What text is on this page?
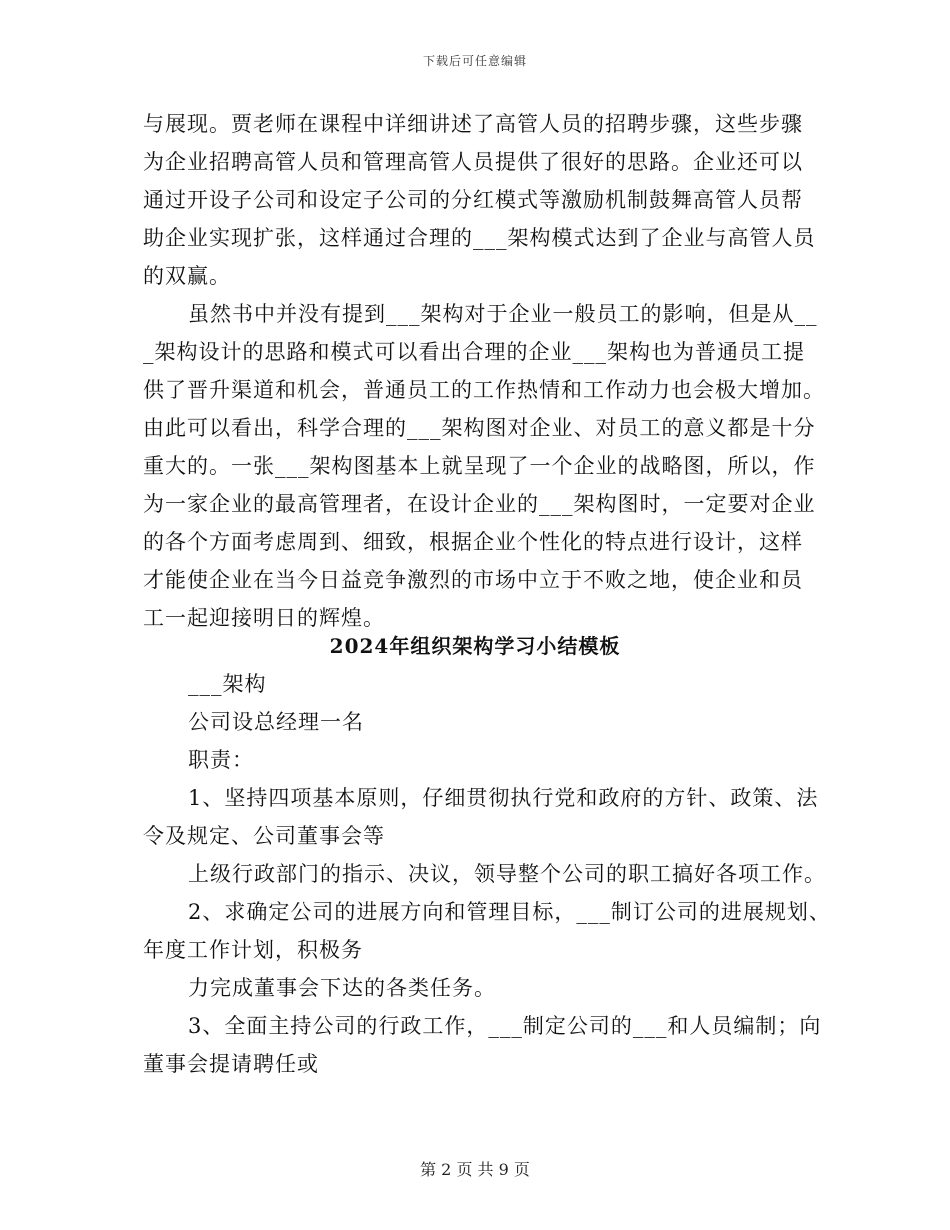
下载后可任意编辑
与展现。贾老师在课程中详细讲述了高管人员的招聘步骤，这些步骤
为企业招聘高管人员和管理高管人员提供了很好的思路。企业还可以
通过开设子公司和设定子公司的分红模式等激励机制鼓舞高管人员帮
助企业实现扩张，这样通过合理的___架构模式达到了企业与高管人员
的双赢。
虽然书中并没有提到___架构对于企业一般员工的影响，但是从__
_架构设计的思路和模式可以看出合理的企业___架构也为普通员工提
供了晋升渠道和机会，普通员工的工作热情和工作动力也会极大增加。
由此可以看出，科学合理的___架构图对企业、对员工的意义都是十分
重大的。一张___架构图基本上就呈现了一个企业的战略图，所以，作
为一家企业的最高管理者，在设计企业的___架构图时，一定要对企业
的各个方面考虑周到、细致，根据企业个性化的特点进行设计，这样
才能使企业在当今日益竞争激烈的市场中立于不败之地，使企业和员
工一起迎接明日的辉煌。
2024年组织架构学习小结模板
___架构
公司设总经理一名
职责：
1、坚持四项基本原则，仔细贯彻执行党和政府的方针、政策、法
令及规定、公司董事会等
上级行政部门的指示、决议，领导整个公司的职工搞好各项工作。
2、求确定公司的进展方向和管理目标，___制订公司的进展规划、
年度工作计划，积极务
力完成董事会下达的各类任务。
3、全面主持公司的行政工作，___制定公司的___和人员编制；向
董事会提请聘任或
第 2 页 共 9 页
